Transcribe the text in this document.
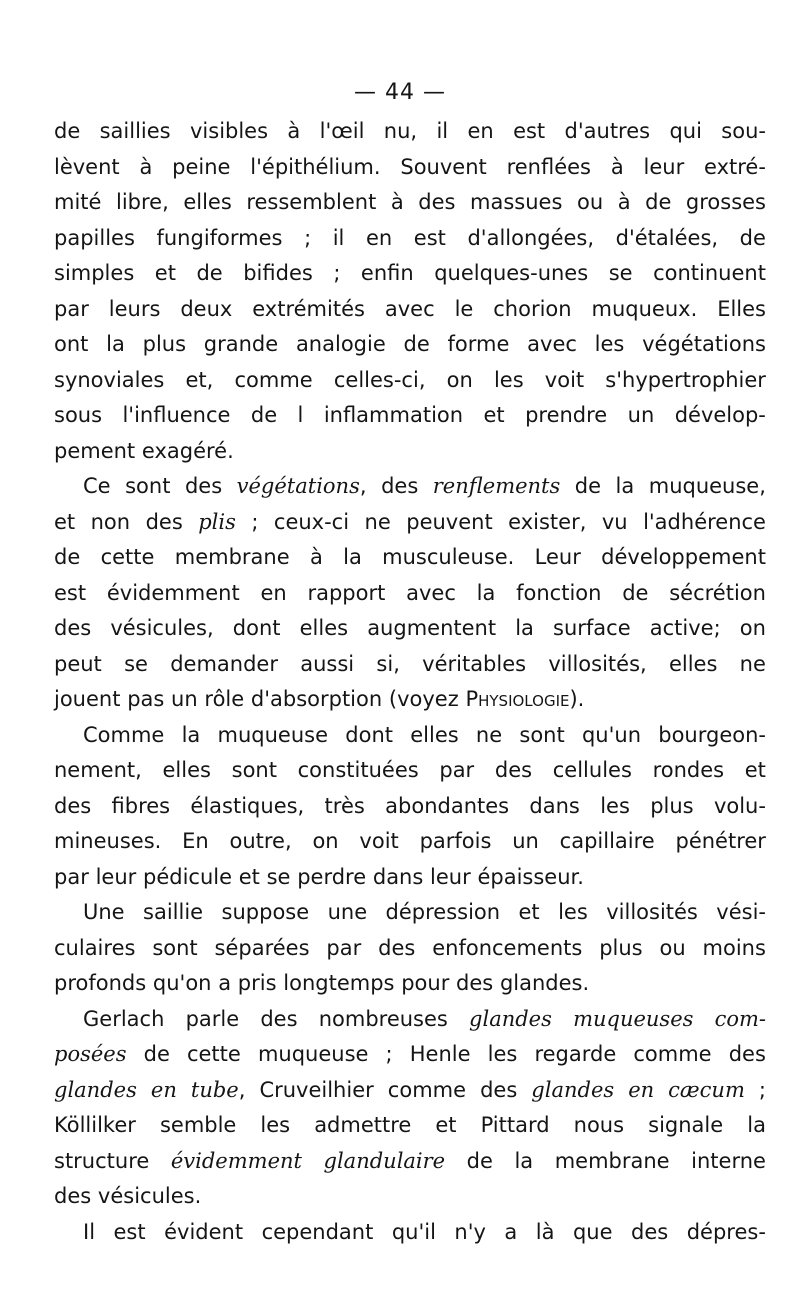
— 44 —
de saillies visibles à l'œil nu, il en est d'autres qui sou-
lèvent à peine l'épithélium. Souvent renflées à leur extré-
mité libre, elles ressemblent à des massues ou à de grosses
papilles fungiformes ; il en est d'allongées, d'étalées, de
simples et de bifides ; enfin quelques-unes se continuent
par leurs deux extrémités avec le chorion muqueux. Elles
ont la plus grande analogie de forme avec les végétations
synoviales et, comme celles-ci, on les voit s'hypertrophier
sous l'influence de l inflammation et prendre un dévelop-
pement exagéré.
Ce sont des végétations, des renflements de la muqueuse,
et non des plis ; ceux-ci ne peuvent exister, vu l'adhérence
de cette membrane à la musculeuse. Leur développement
est évidemment en rapport avec la fonction de sécrétion
des vésicules, dont elles augmentent la surface active; on
peut se demander aussi si, véritables villosités, elles ne
jouent pas un rôle d'absorption (voyez Physiologie).
Comme la muqueuse dont elles ne sont qu'un bourgeon-
nement, elles sont constituées par des cellules rondes et
des fibres élastiques, très abondantes dans les plus volu-
mineuses. En outre, on voit parfois un capillaire pénétrer
par leur pédicule et se perdre dans leur épaisseur.
Une saillie suppose une dépression et les villosités vési-
culaires sont séparées par des enfoncements plus ou moins
profonds qu'on a pris longtemps pour des glandes.
Gerlach parle des nombreuses glandes muqueuses com-
posées de cette muqueuse ; Henle les regarde comme des
glandes en tube, Cruveilhier comme des glandes en cæcum ;
Köllilker semble les admettre et Pittard nous signale la
structure évidemment glandulaire de la membrane interne
des vésicules.
Il est évident cependant qu'il n'y a là que des dépres-
